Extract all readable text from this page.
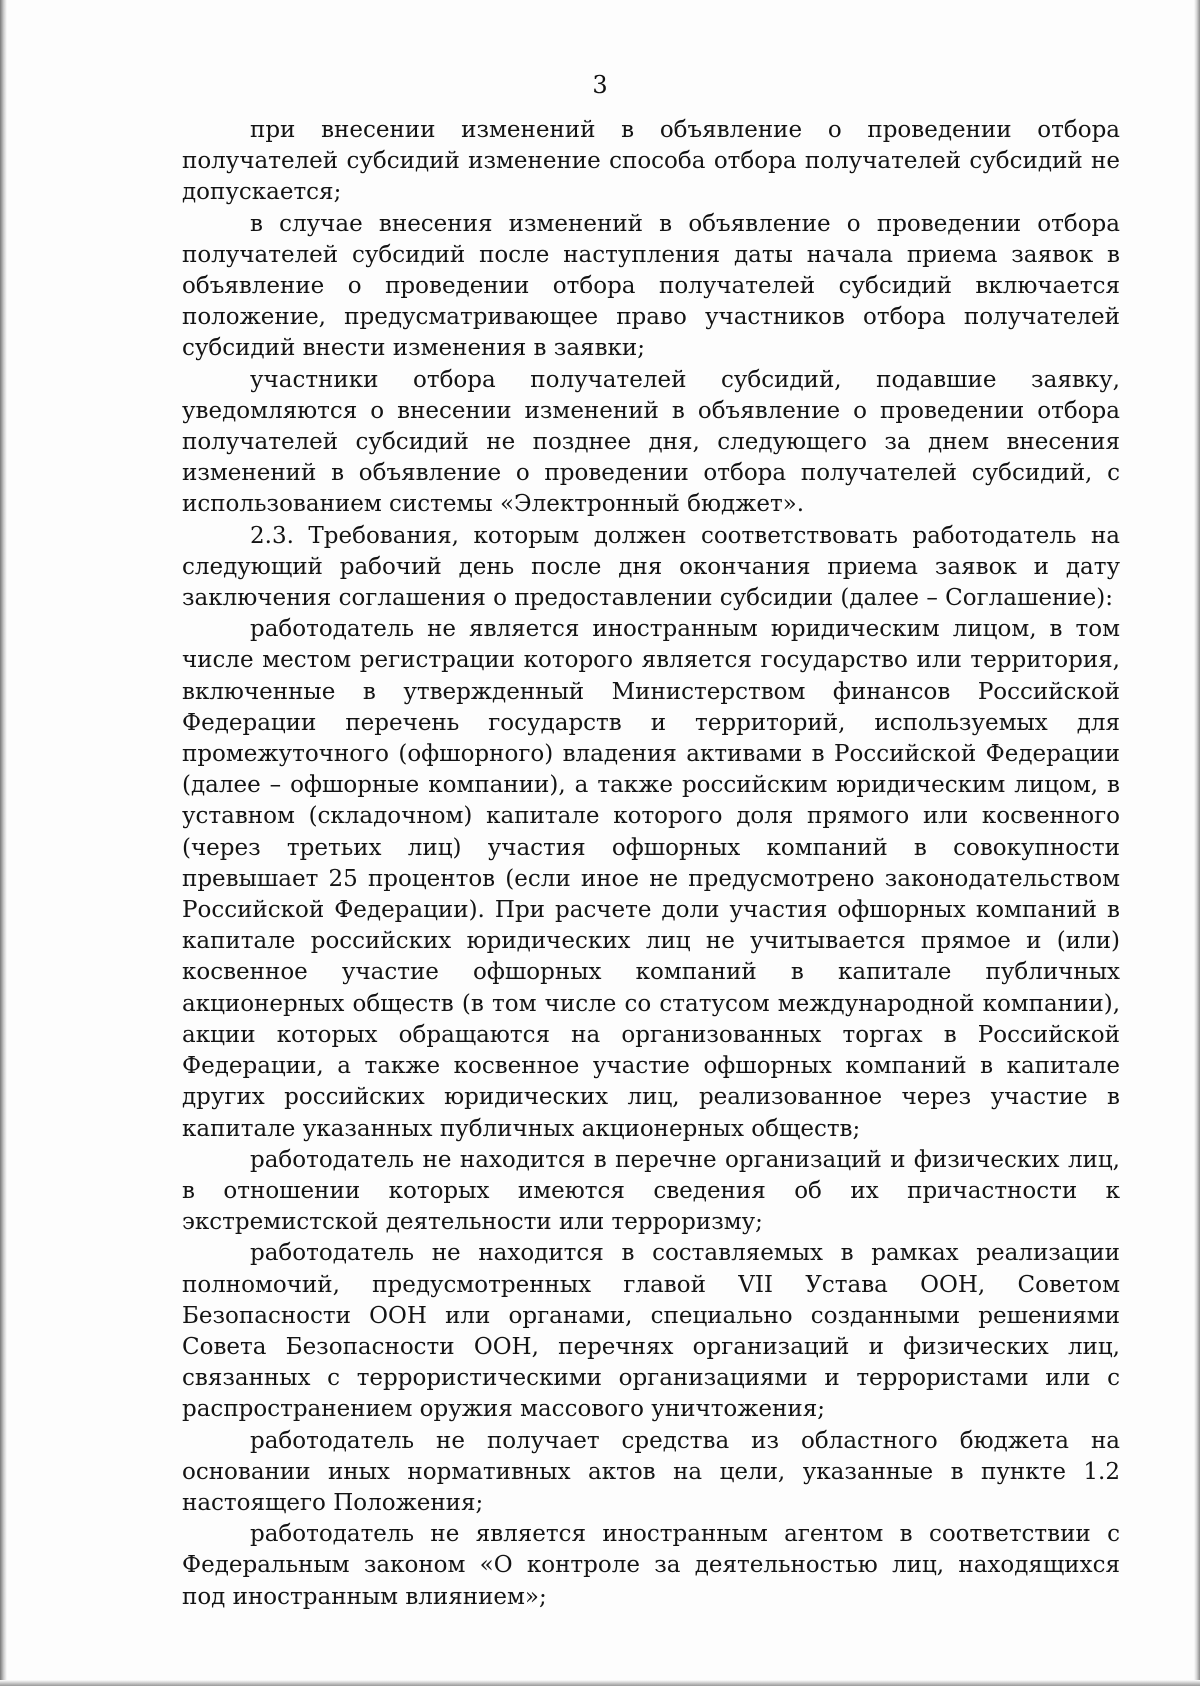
3

при внесении изменений в объявление о проведении отбора получателей субсидий изменение способа отбора получателей субсидий не допускается;

в случае внесения изменений в объявление о проведении отбора получателей субсидий после наступления даты начала приема заявок в объявление о проведении отбора получателей субсидий включается положение, предусматривающее право участников отбора получателей субсидий внести изменения в заявки;

участники отбора получателей субсидий, подавшие заявку, уведомляются о внесении изменений в объявление о проведении отбора получателей субсидий не позднее дня, следующего за днем внесения изменений в объявление о проведении отбора получателей субсидий, с использованием системы «Электронный бюджет».

2.3. Требования, которым должен соответствовать работодатель на следующий рабочий день после дня окончания приема заявок и дату заключения соглашения о предоставлении субсидии (далее – Соглашение):

работодатель не является иностранным юридическим лицом, в том числе местом регистрации которого является государство или территория, включенные в утвержденный Министерством финансов Российской Федерации перечень государств и территорий, используемых для промежуточного (офшорного) владения активами в Российской Федерации (далее – офшорные компании), а также российским юридическим лицом, в уставном (складочном) капитале которого доля прямого или косвенного (через третьих лиц) участия офшорных компаний в совокупности превышает 25 процентов (если иное не предусмотрено законодательством Российской Федерации). При расчете доли участия офшорных компаний в капитале российских юридических лиц не учитывается прямое и (или) косвенное участие офшорных компаний в капитале публичных акционерных обществ (в том числе со статусом международной компании), акции которых обращаются на организованных торгах в Российской Федерации, а также косвенное участие офшорных компаний в капитале других российских юридических лиц, реализованное через участие в капитале указанных публичных акционерных обществ;

работодатель не находится в перечне организаций и физических лиц, в отношении которых имеются сведения об их причастности к экстремистской деятельности или терроризму;

работодатель не находится в составляемых в рамках реализации полномочий, предусмотренных главой VII Устава ООН, Советом Безопасности ООН или органами, специально созданными решениями Совета Безопасности ООН, перечнях организаций и физических лиц, связанных с террористическими организациями и террористами или с распространением оружия массового уничтожения;

работодатель не получает средства из областного бюджета на основании иных нормативных актов на цели, указанные в пункте 1.2 настоящего Положения;

работодатель не является иностранным агентом в соответствии с Федеральным законом «О контроле за деятельностью лиц, находящихся под иностранным влиянием»;
